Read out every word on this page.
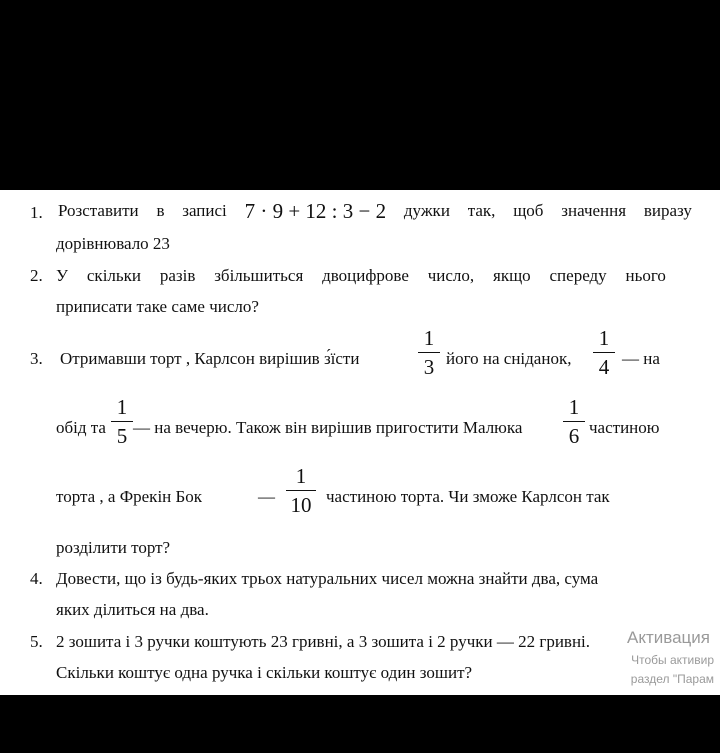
1. Розставити в записі 7 · 9 + 12 : 3 − 2 дужки так, щоб значення виразу
дорівнювало 23
2. У скільки разів збільшиться двоцифрове число, якщо спереду нього
приписати таке саме число?
3. Отримавши торт , Карлсон вирішив з́їсти
1
3 його на сніданок,
1
4 — на
обід та
1
5 — на вечерю. Також він вирішив пригостити Малюка
1
6 частиною
торта , а Фрекін Бок	—
1
10 частиною торта. Чи зможе Карлсон так
розділити торт?
4. Довести, що із будь-яких трьох натуральних чисел можна знайти два, сума
яких ділиться на два.
5. 2 зошита і 3 ручки коштують 23 гривні, а 3 зошита і 2 ручки — 22 гривні.
Скільки коштує одна ручка і скільки коштує один зошит?
Активация
Чтобы активир
раздел "Парам
